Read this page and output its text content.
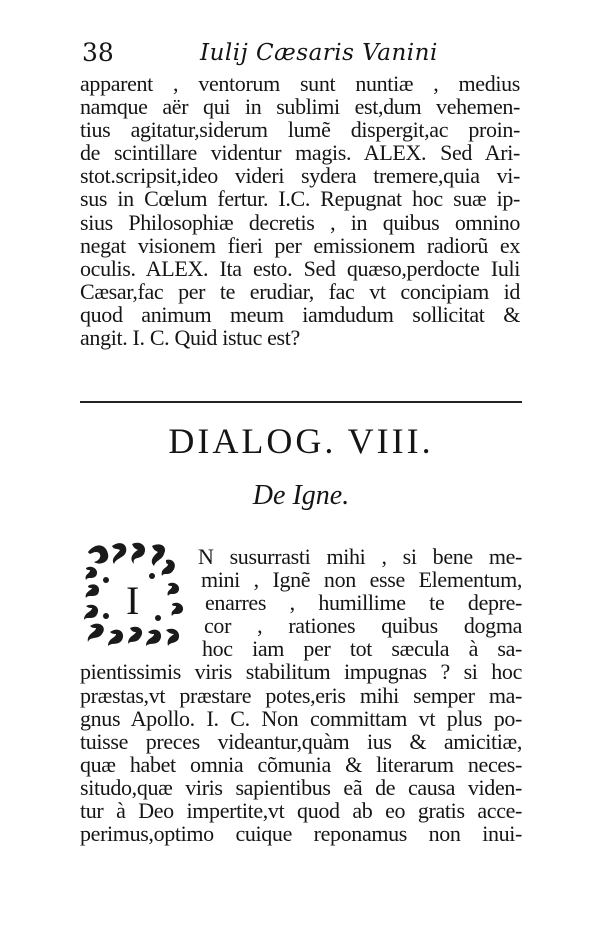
38	Iulij Cæsaris Vanini
apparent , ventorum sunt nuntiæ , medius
namque aër qui in sublimi est,dum vehemen-
tius agitatur,siderum lumẽ dispergit,ac proin-
de scintillare videntur magis. ALEX. Sed Ari-
stot.scripsit,ideo videri sydera tremere,quia vi-
sus in Cœlum fertur. I.C. Repugnat hoc suæ ip-
sius Philosophiæ decretis , in quibus omnino
negat visionem fieri per emissionem radiorũ ex
oculis. ALEX. Ita esto. Sed quæso,perdocte Iuli
Cæsar,fac per te erudiar, fac vt concipiam id
quod animum meum iamdudum sollicitat &
angit. I. C. Quid istuc est?
DIALOG. VIII.
De Igne.
I
N susurrasti mihi , si bene me-
mini , Ignẽ non esse Elementum,
enarres , humillime te depre-
cor , rationes quibus dogma
hoc iam per tot sæcula à sa-
pientissimis viris stabilitum impugnas ? si hoc
præstas,vt præstare potes,eris mihi semper ma-
gnus Apollo. I. C. Non committam vt plus po-
tuisse preces videantur,quàm ius & amicitiæ,
quæ habet omnia cõmunia & literarum neces-
situdo,quæ viris sapientibus eã de causa viden-
tur à Deo impertite,vt quod ab eo gratis acce-
perimus,optimo cuique reponamus non inui-
